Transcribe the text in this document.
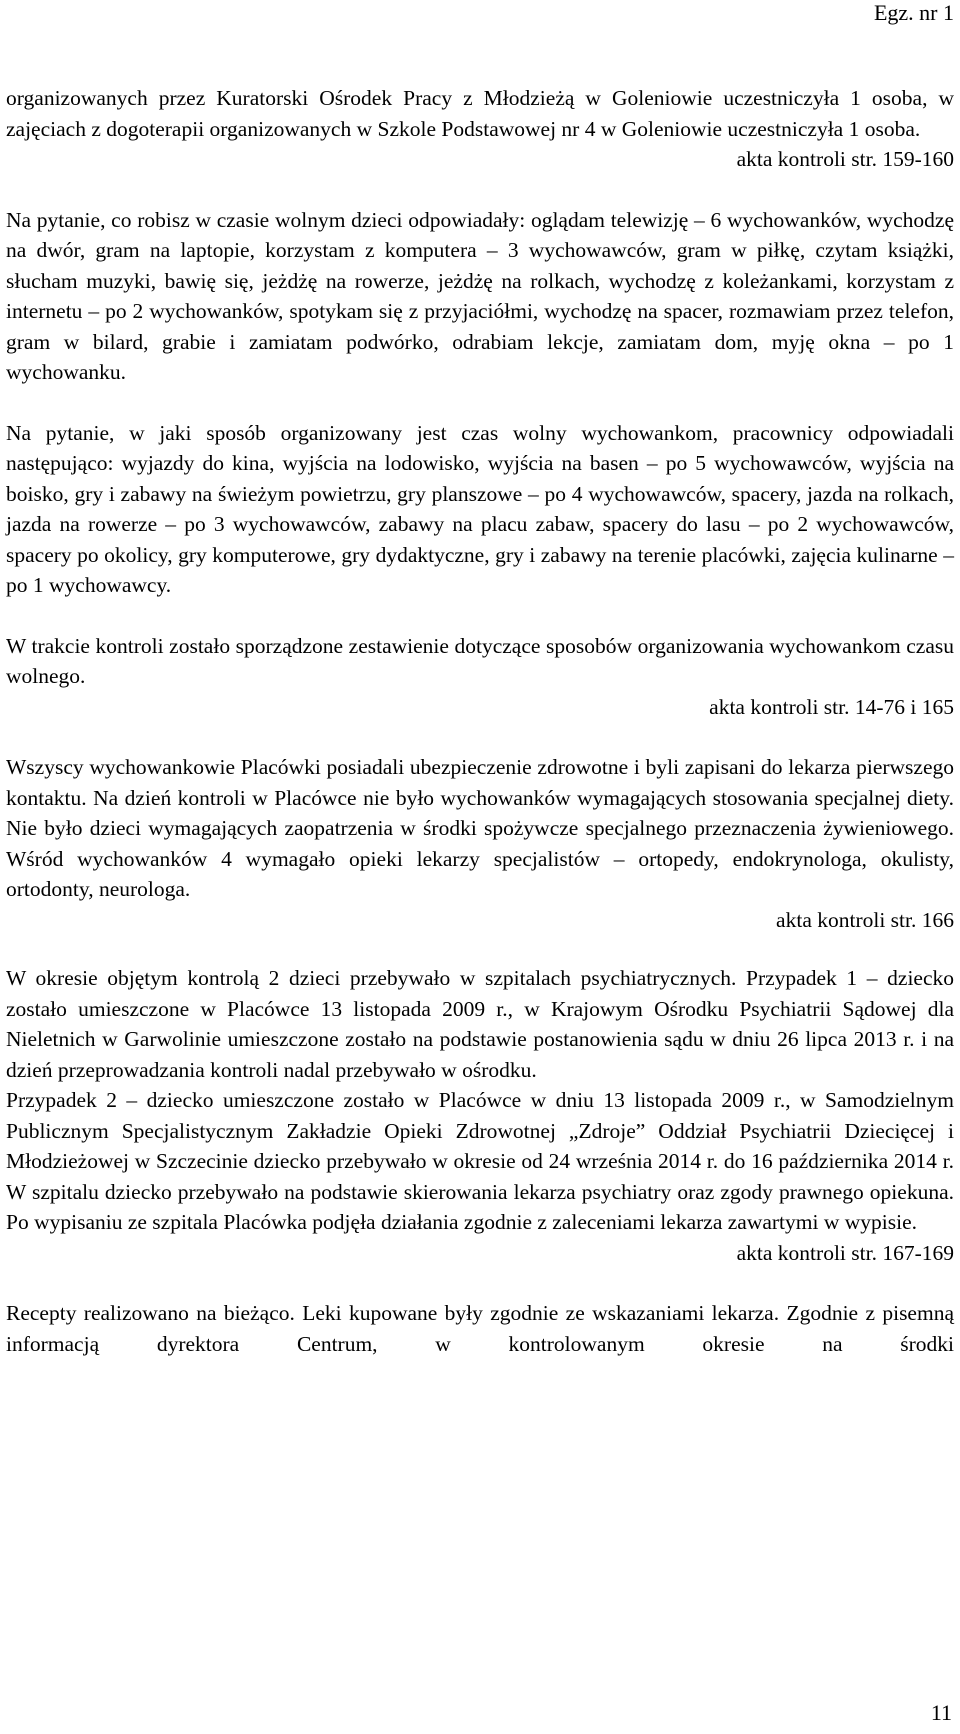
Egz. nr 1

organizowanych przez Kuratorski Ośrodek Pracy z Młodzieżą w Goleniowie uczestniczyła 1 osoba, w zajęciach z dogoterapii organizowanych w Szkole Podstawowej nr 4 w Goleniowie uczestniczyła 1 osoba.

akta kontroli str. 159-160

Na pytanie, co robisz w czasie wolnym dzieci odpowiadały: oglądam telewizję – 6 wychowanków, wychodzę na dwór, gram na laptopie, korzystam z komputera – 3 wychowawców, gram w piłkę, czytam książki, słucham muzyki, bawię się, jeżdżę na rowerze, jeżdżę na rolkach, wychodzę z koleżankami, korzystam z internetu – po 2 wychowanków, spotykam się z przyjaciółmi, wychodzę na spacer, rozmawiam przez telefon, gram w bilard, grabie i zamiatam podwórko, odrabiam lekcje, zamiatam dom, myję okna – po 1 wychowanku.

Na pytanie, w jaki sposób organizowany jest czas wolny wychowankom, pracownicy odpowiadali następująco: wyjazdy do kina, wyjścia na lodowisko, wyjścia na basen – po 5 wychowawców, wyjścia na boisko, gry i zabawy na świeżym powietrzu, gry planszowe – po 4 wychowawców, spacery, jazda na rolkach, jazda na rowerze – po 3 wychowawców, zabawy na placu zabaw, spacery do lasu – po 2 wychowawców, spacery po okolicy, gry komputerowe, gry dydaktyczne, gry i zabawy na terenie placówki, zajęcia kulinarne – po 1 wychowawcy.

W trakcie kontroli zostało sporządzone zestawienie dotyczące sposobów organizowania wychowankom czasu wolnego.

akta kontroli str. 14-76 i 165

Wszyscy wychowankowie Placówki posiadali ubezpieczenie zdrowotne i byli zapisani do lekarza pierwszego kontaktu. Na dzień kontroli w Placówce nie było wychowanków wymagających stosowania specjalnej diety. Nie było dzieci wymagających zaopatrzenia w środki spożywcze specjalnego przeznaczenia żywieniowego. Wśród wychowanków 4 wymagało opieki lekarzy specjalistów – ortopedy, endokrynologa, okulisty, ortodonty, neurologa.

akta kontroli str. 166

W okresie objętym kontrolą 2 dzieci przebywało w szpitalach psychiatrycznych. Przypadek 1 – dziecko zostało umieszczone w Placówce 13 listopada 2009 r., w Krajowym Ośrodku Psychiatrii Sądowej dla Nieletnich w Garwolinie umieszczone zostało na podstawie postanowienia sądu w dniu 26 lipca 2013 r. i na dzień przeprowadzania kontroli nadal przebywało w ośrodku.

Przypadek 2 – dziecko umieszczone zostało w Placówce w dniu 13 listopada 2009 r., w Samodzielnym Publicznym Specjalistycznym Zakładzie Opieki Zdrowotnej „Zdroje” Oddział Psychiatrii Dziecięcej i Młodzieżowej w Szczecinie dziecko przebywało w okresie od 24 września 2014 r. do 16 października 2014 r. W szpitalu dziecko przebywało na podstawie skierowania lekarza psychiatry oraz zgody prawnego opiekuna. Po wypisaniu ze szpitala Placówka podjęła działania zgodnie z zaleceniami lekarza zawartymi w wypisie.

akta kontroli str. 167-169

Recepty realizowano na bieżąco. Leki kupowane były zgodnie ze wskazaniami lekarza. Zgodnie z pisemną informacją dyrektora Centrum, w kontrolowanym okresie na środki

11
